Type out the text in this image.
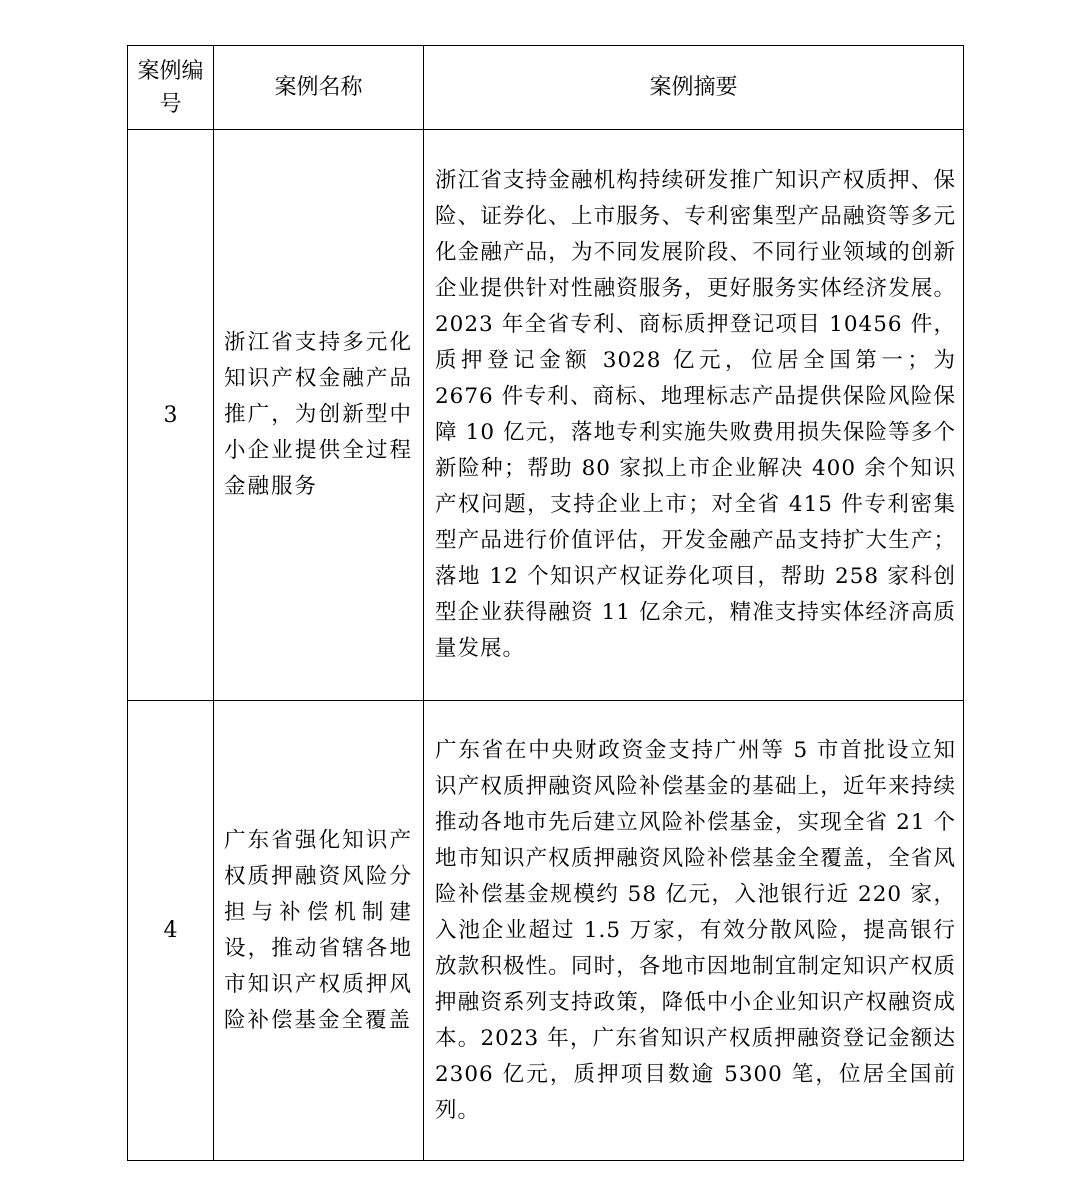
案例编号	案例名称	案例摘要
3	浙江省支持多元化知识产权金融产品推广，为创新型中小企业提供全过程金融服务	浙江省支持金融机构持续研发推广知识产权质押、保险、证券化、上市服务、专利密集型产品融资等多元化金融产品，为不同发展阶段、不同行业领域的创新企业提供针对性融资服务，更好服务实体经济发展。2023 年全省专利、商标质押登记项目 10456 件，质押登记金额 3028 亿元，位居全国第一；为 2676 件专利、商标、地理标志产品提供保险风险保障 10 亿元，落地专利实施失败费用损失保险等多个新险种；帮助 80 家拟上市企业解决 400 余个知识产权问题，支持企业上市；对全省 415 件专利密集型产品进行价值评估，开发金融产品支持扩大生产；落地 12 个知识产权证券化项目，帮助 258 家科创型企业获得融资 11 亿余元，精准支持实体经济高质量发展。
4	广东省强化知识产权质押融资风险分担与补偿机制建设，推动省辖各地市知识产权质押风险补偿基金全覆盖	广东省在中央财政资金支持广州等 5 市首批设立知识产权质押融资风险补偿基金的基础上，近年来持续推动各地市先后建立风险补偿基金，实现全省 21 个地市知识产权质押融资风险补偿基金全覆盖，全省风险补偿基金规模约 58 亿元，入池银行近 220 家，入池企业超过 1.5 万家，有效分散风险，提高银行放款积极性。同时，各地市因地制宜制定知识产权质押融资系列支持政策，降低中小企业知识产权融资成本。2023 年，广东省知识产权质押融资登记金额达 2306 亿元，质押项目数逾 5300 笔，位居全国前列。
